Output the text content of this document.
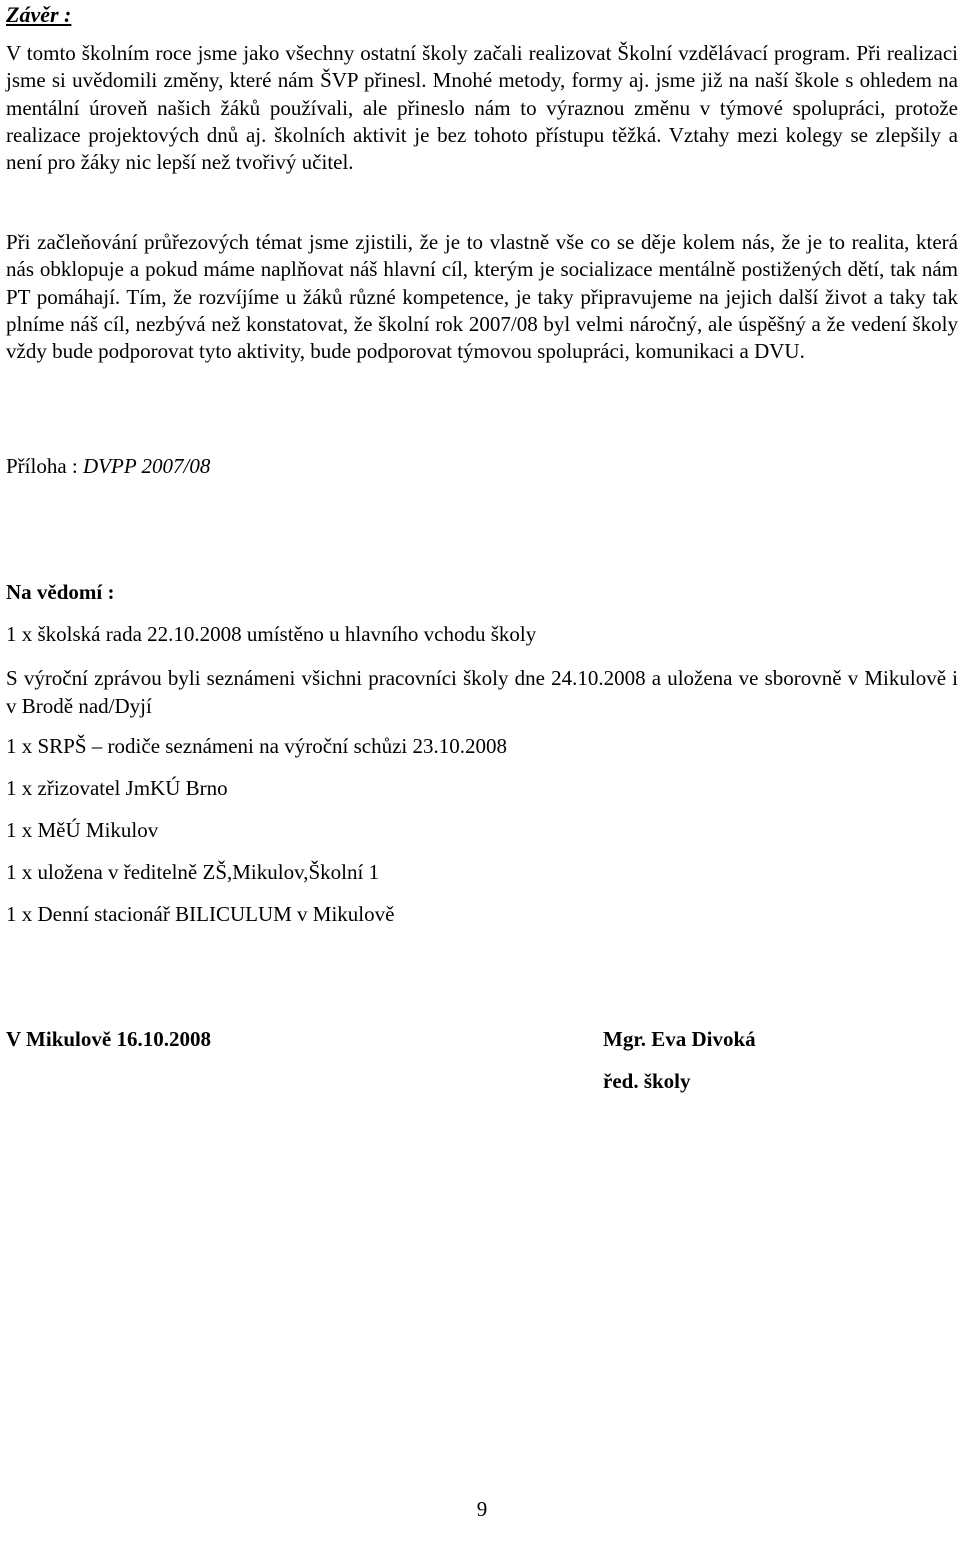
Závěr :
V tomto školním roce jsme jako všechny ostatní školy začali realizovat Školní vzdělávací program. Při realizaci jsme si uvědomili změny, které nám ŠVP přinesl. Mnohé metody, formy aj. jsme již na naší škole s ohledem na mentální úroveň našich žáků používali, ale přineslo nám to výraznou změnu v týmové spolupráci, protože realizace projektových dnů aj. školních aktivit je bez tohoto přístupu těžká. Vztahy mezi kolegy se zlepšily a není pro žáky nic lepší než tvořivý učitel.
Při začleňování průřezových témat jsme zjistili, že je to vlastně vše co se děje kolem nás, že je to realita, která nás obklopuje a pokud máme naplňovat náš hlavní cíl, kterým je socializace mentálně postižených dětí, tak nám PT pomáhají. Tím, že rozvíjíme u žáků různé kompetence, je taky připravujeme na jejich další život a taky tak plníme náš cíl, nezbývá než konstatovat, že školní rok 2007/08 byl velmi náročný, ale úspěšný a že vedení školy vždy bude podporovat tyto aktivity, bude podporovat týmovou spolupráci, komunikaci a DVU.
Příloha : DVPP 2007/08
Na vědomí :
1 x školská rada 22.10.2008 umístěno u hlavního vchodu školy
S výroční zprávou byli seznámeni všichni pracovníci školy dne 24.10.2008 a uložena ve sborovně v Mikulově i v Brodě nad/Dyjí
1 x SRPŠ – rodiče seznámeni na výroční schůzi 23.10.2008
1 x zřizovatel JmKÚ Brno
1 x MěÚ Mikulov
1 x uložena v ředitelně ZŠ,Mikulov,Školní 1
1 x Denní stacionář BILICULUM v Mikulově
V Mikulově 16.10.2008	Mgr. Eva Divoká
řed. školy
9
